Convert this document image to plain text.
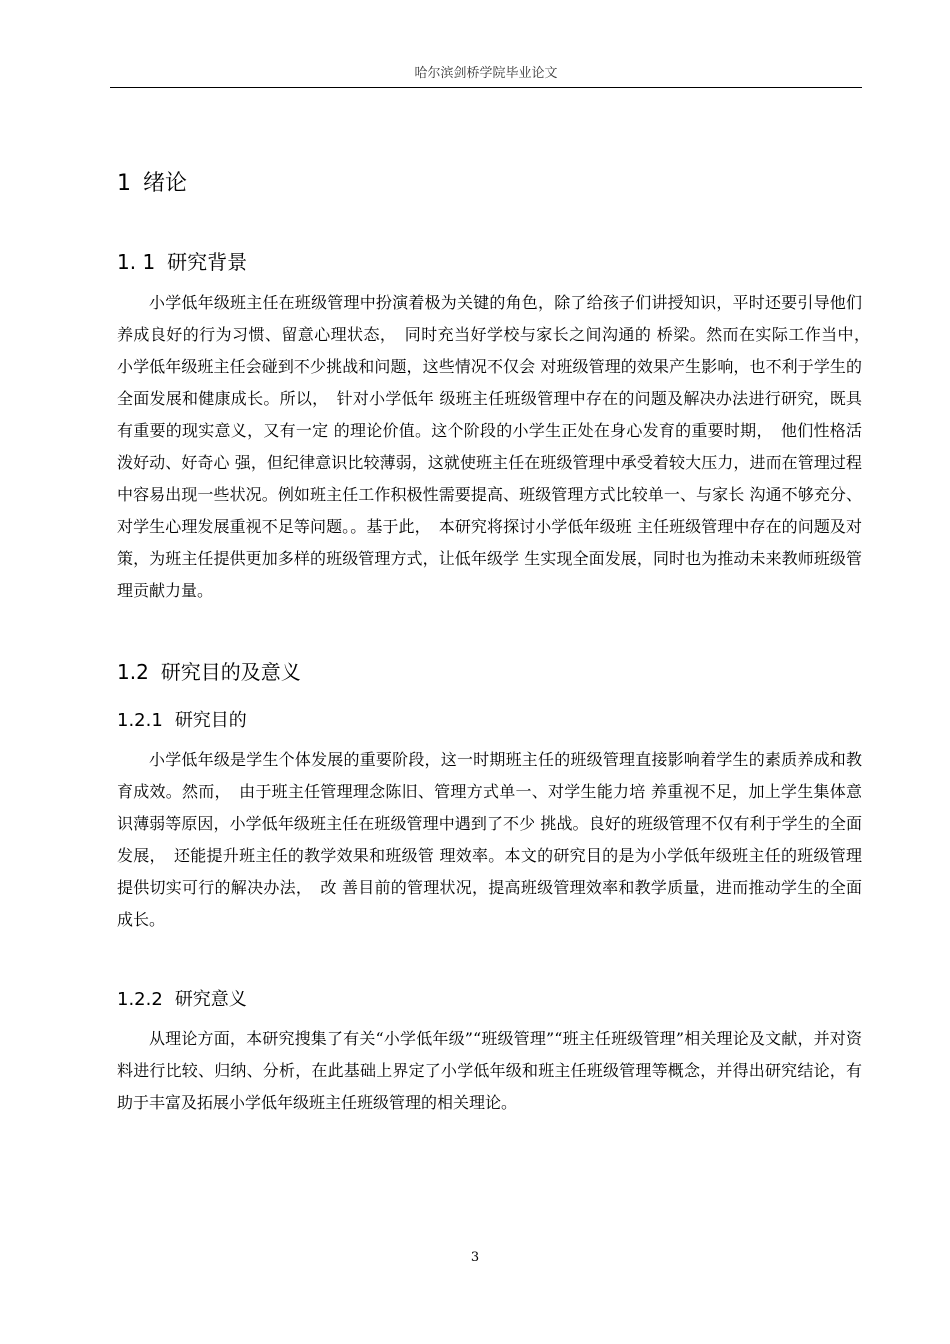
哈尔滨剑桥学院毕业论文
1 绪论
1. 1 研究背景

小学低年级班主任在班级管理中扮演着极为关键的角色，除了给孩子们讲授知识，平时还要引导他们养成良好的行为习惯、留意心理状态，　同时充当好学校与家长之间沟通的 桥梁。然而在实际工作当中，　小学低年级班主任会碰到不少挑战和问题，这些情况不仅会 对班级管理的效果产生影响，也不利于学生的全面发展和健康成长。所以，　针对小学低年 级班主任班级管理中存在的问题及解决办法进行研究，既具有重要的现实意义，又有一定 的理论价值。这个阶段的小学生正处在身心发育的重要时期，　他们性格活泼好动、好奇心 强，但纪律意识比较薄弱，这就使班主任在班级管理中承受着较大压力，进而在管理过程 中容易出现一些状况。例如班主任工作积极性需要提高、班级管理方式比较单一、与家长 沟通不够充分、对学生心理发展重视不足等问题。。基于此，　本研究将探讨小学低年级班 主任班级管理中存在的问题及对策，为班主任提供更加多样的班级管理方式，让低年级学 生实现全面发展，同时也为推动未来教师班级管理贡献力量。

1.2 研究目的及意义
1.2.1 研究目的

小学低年级是学生个体发展的重要阶段，这一时期班主任的班级管理直接影响着学生的素质养成和教育成效。然而，　由于班主任管理理念陈旧、管理方式单一、对学生能力培 养重视不足，加上学生集体意识薄弱等原因，小学低年级班主任在班级管理中遇到了不少 挑战。良好的班级管理不仅有利于学生的全面发展，　还能提升班主任的教学效果和班级管 理效率。本文的研究目的是为小学低年级班主任的班级管理提供切实可行的解决办法，　改 善目前的管理状况，提高班级管理效率和教学质量，进而推动学生的全面成长。

1.2.2 研究意义

从理论方面，本研究搜集了有关“小学低年级”“班级管理”“班主任班级管理”相关理论及文献，并对资料进行比较、归纳、分析，在此基础上界定了小学低年级和班主任班级管理等概念，并得出研究结论，有助于丰富及拓展小学低年级班主任班级管理的相关理论。

3
